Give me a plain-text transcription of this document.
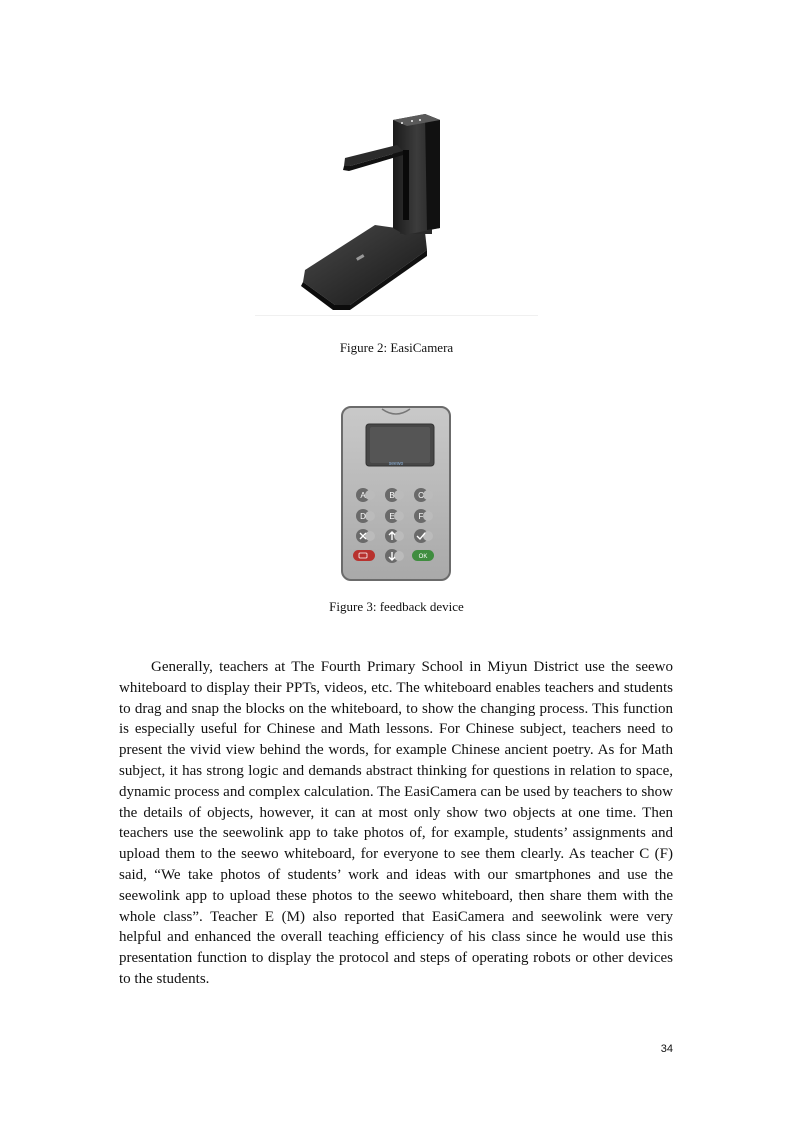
Figure 2: EasiCamera
seewo
A	B	C
D	E	F
OK
Figure 3: feedback device

Generally, teachers at The Fourth Primary School in Miyun District use the seewo whiteboard to display their PPTs, videos, etc. The whiteboard enables teachers and students to drag and snap the blocks on the whiteboard, to show the changing process. This function is especially useful for Chinese and Math lessons. For Chinese subject, teachers need to present the vivid view behind the words, for example Chinese ancient poetry. As for Math subject, it has strong logic and demands abstract thinking for questions in relation to space, dynamic process and complex calculation. The EasiCamera can be used by teachers to show the details of objects, however, it can at most only show two objects at one time. Then teachers use the seewolink app to take photos of, for example, students’ assignments and upload them to the seewo whiteboard, for everyone to see them clearly. As teacher C (F) said, “We take photos of students’ work and ideas with our smartphones and use the seewolink app to upload these photos to the seewo whiteboard, then share them with the whole class”. Teacher E (M) also reported that EasiCamera and seewolink were very helpful and enhanced the overall teaching efficiency of his class since he would use this presentation function to display the protocol and steps of operating robots or other devices to the students.

34
